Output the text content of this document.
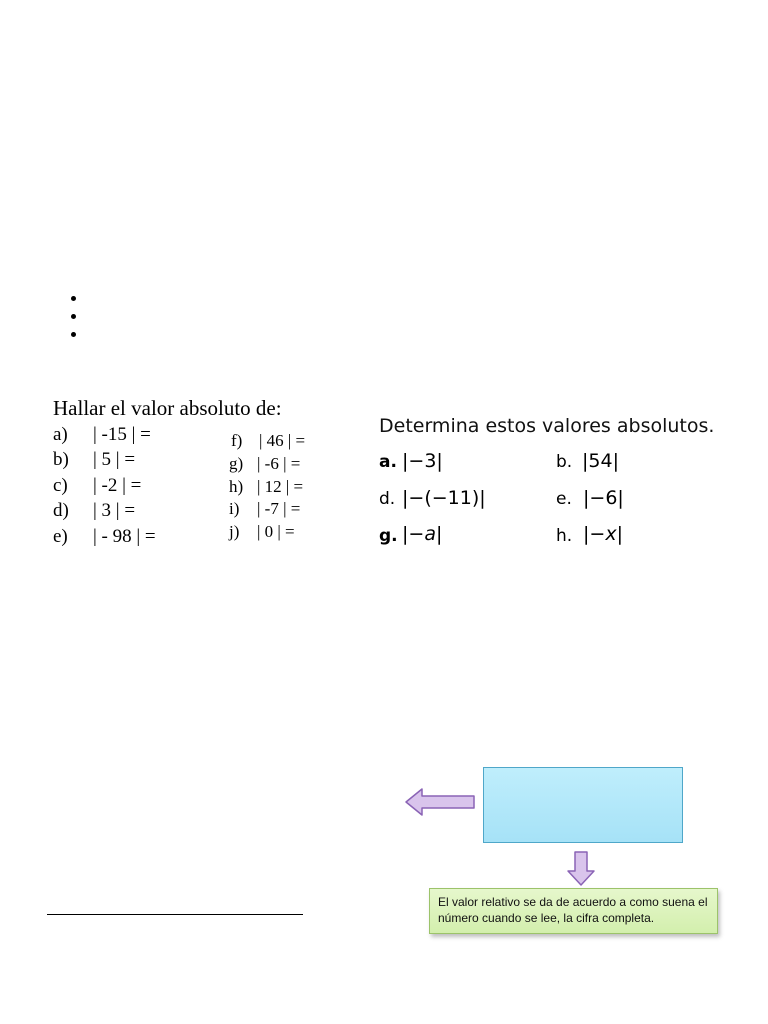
Hallar el valor absoluto de:
a) | -15 | =
b) | 5 | =
c) | -2 | =
d) | 3 | =
e) | - 98 | =
f) | 46 | =
g) | -6 | =
h) | 12 | =
i) | -7 | =
j) | 0 | =
Determina estos valores absolutos.
a. |−3|	b. |54|
d. |−(−11)|	e. |−6|
g. |−a|	h. |−x|
El valor relativo se da de acuerdo a como suena el número cuando se lee, la cifra completa.
